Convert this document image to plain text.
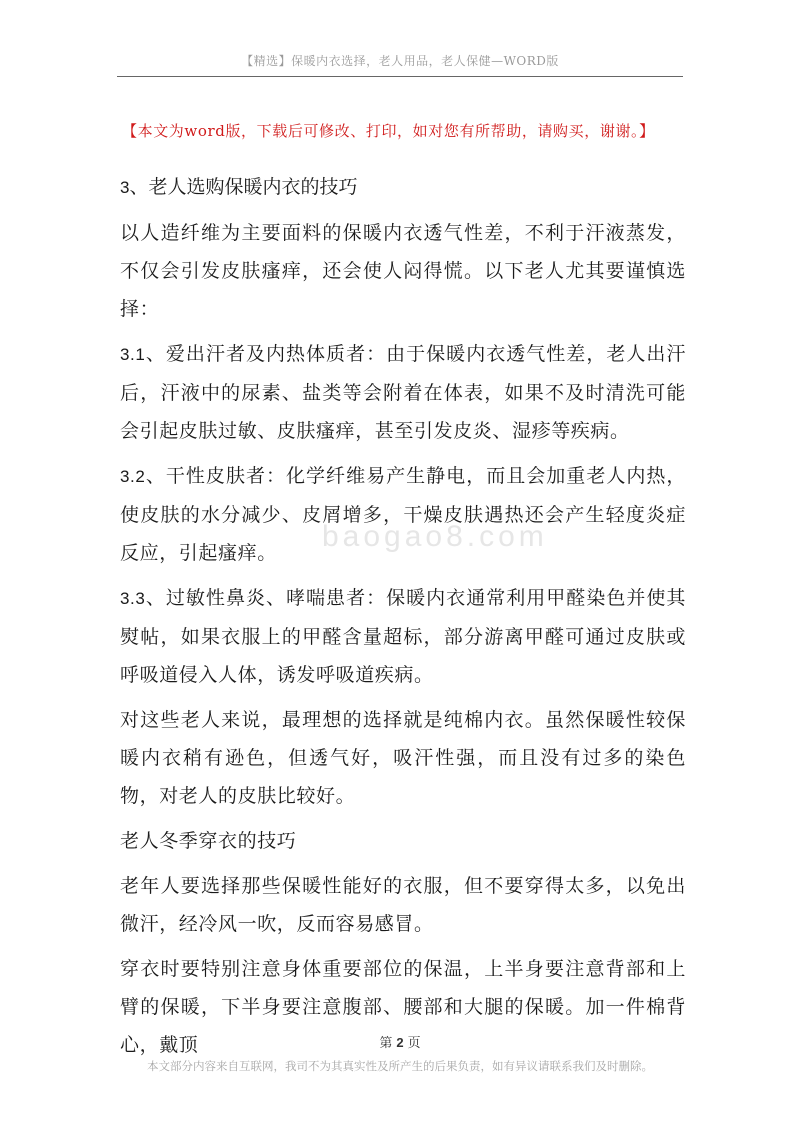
【精选】保暖内衣选择，老人用品，老人保健—WORD版
【本文为word版，下载后可修改、打印，如对您有所帮助，请购买，谢谢。】
baogao8.com

3、老人选购保暖内衣的技巧

以人造纤维为主要面料的保暖内衣透气性差，不利于汗液蒸发，不仅会引发皮肤瘙痒，还会使人闷得慌。以下老人尤其要谨慎选择：

3.1、爱出汗者及内热体质者：由于保暖内衣透气性差，老人出汗后，汗液中的尿素、盐类等会附着在体表，如果不及时清洗可能会引起皮肤过敏、皮肤瘙痒，甚至引发皮炎、湿疹等疾病。

3.2、干性皮肤者：化学纤维易产生静电，而且会加重老人内热，使皮肤的水分减少、皮屑增多，干燥皮肤遇热还会产生轻度炎症反应，引起瘙痒。

3.3、过敏性鼻炎、哮喘患者：保暖内衣通常利用甲醛染色并使其熨帖，如果衣服上的甲醛含量超标，部分游离甲醛可通过皮肤或呼吸道侵入人体，诱发呼吸道疾病。

对这些老人来说，最理想的选择就是纯棉内衣。虽然保暖性较保暖内衣稍有逊色，但透气好，吸汗性强，而且没有过多的染色物，对老人的皮肤比较好。

老人冬季穿衣的技巧

老年人要选择那些保暖性能好的衣服，但不要穿得太多，以免出微汗，经冷风一吹，反而容易感冒。

穿衣时要特别注意身体重要部位的保温，上半身要注意背部和上臂的保暖，下半身要注意腹部、腰部和大腿的保暖。加一件棉背心，戴顶	第 2 页
本文部分内容来自互联网，我司不为其真实性及所产生的后果负责，如有异议请联系我们及时删除。
